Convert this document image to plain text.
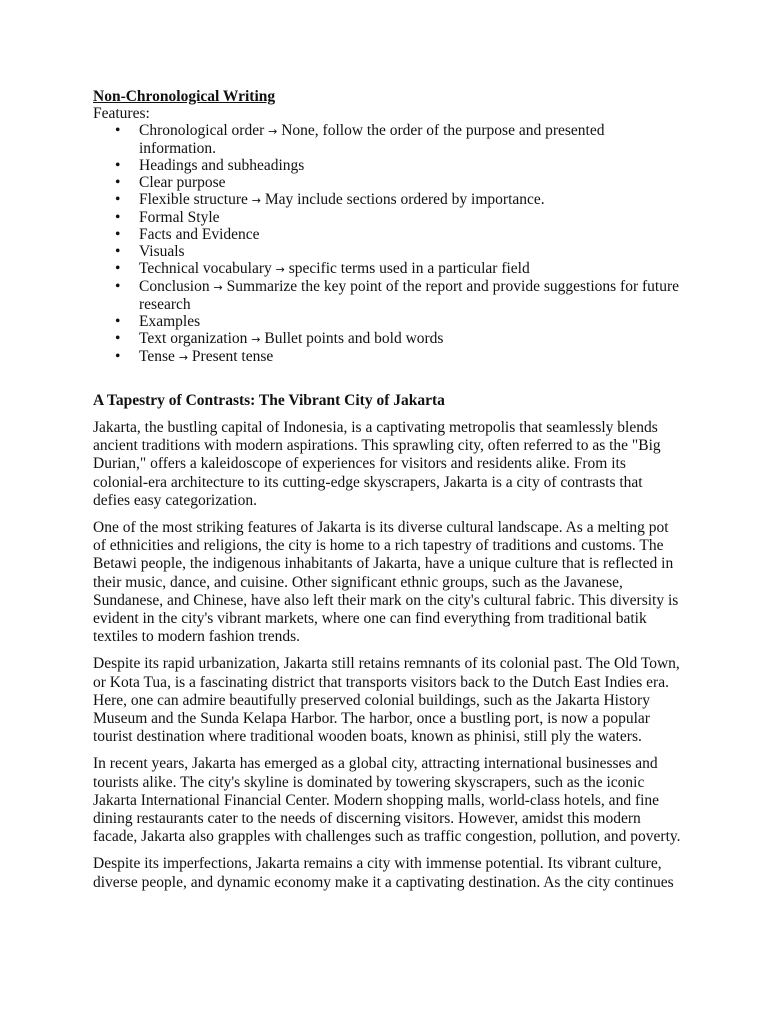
Non-Chronological Writing
Features:
• Chronological order → None, follow the order of the purpose and presented information.
• Headings and subheadings
• Clear purpose
• Flexible structure → May include sections ordered by importance.
• Formal Style
• Facts and Evidence
• Visuals
• Technical vocabulary → specific terms used in a particular field
• Conclusion → Summarize the key point of the report and provide suggestions for future research
• Examples
• Text organization → Bullet points and bold words
• Tense → Present tense
A Tapestry of Contrasts: The Vibrant City of Jakarta

Jakarta, the bustling capital of Indonesia, is a captivating metropolis that seamlessly blends ancient traditions with modern aspirations. This sprawling city, often referred to as the "Big Durian," offers a kaleidoscope of experiences for visitors and residents alike. From its colonial-era architecture to its cutting-edge skyscrapers, Jakarta is a city of contrasts that defies easy categorization.

One of the most striking features of Jakarta is its diverse cultural landscape. As a melting pot of ethnicities and religions, the city is home to a rich tapestry of traditions and customs. The Betawi people, the indigenous inhabitants of Jakarta, have a unique culture that is reflected in their music, dance, and cuisine. Other significant ethnic groups, such as the Javanese, Sundanese, and Chinese, have also left their mark on the city's cultural fabric. This diversity is evident in the city's vibrant markets, where one can find everything from traditional batik textiles to modern fashion trends.

Despite its rapid urbanization, Jakarta still retains remnants of its colonial past. The Old Town, or Kota Tua, is a fascinating district that transports visitors back to the Dutch East Indies era. Here, one can admire beautifully preserved colonial buildings, such as the Jakarta History Museum and the Sunda Kelapa Harbor. The harbor, once a bustling port, is now a popular tourist destination where traditional wooden boats, known as phinisi, still ply the waters.

In recent years, Jakarta has emerged as a global city, attracting international businesses and tourists alike. The city's skyline is dominated by towering skyscrapers, such as the iconic Jakarta International Financial Center. Modern shopping malls, world-class hotels, and fine dining restaurants cater to the needs of discerning visitors. However, amidst this modern facade, Jakarta also grapples with challenges such as traffic congestion, pollution, and poverty.

Despite its imperfections, Jakarta remains a city with immense potential. Its vibrant culture, diverse people, and dynamic economy make it a captivating destination. As the city continues
